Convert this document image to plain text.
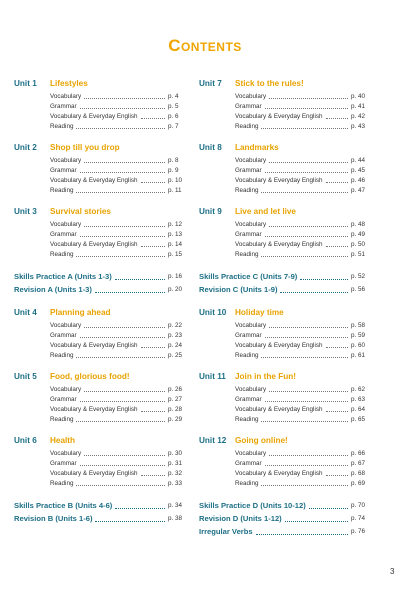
Contents
Unit 1	Lifestyles
Vocabulary	p. 4
Grammar	p. 5
Vocabulary & Everyday English	p. 6
Reading	p. 7
Unit 2	Shop till you drop
Vocabulary	p. 8
Grammar	p. 9
Vocabulary & Everyday English	p. 10
Reading	p. 11
Unit 3	Survival stories
Vocabulary	p. 12
Grammar	p. 13
Vocabulary & Everyday English	p. 14
Reading	p. 15
Skills Practice A (Units 1-3)	p. 16
Revision A (Units 1-3)	p. 20
Unit 4	Planning ahead
Vocabulary	p. 22
Grammar	p. 23
Vocabulary & Everyday English	p. 24
Reading	p. 25
Unit 5	Food, glorious food!
Vocabulary	p. 26
Grammar	p. 27
Vocabulary & Everyday English	p. 28
Reading	p. 29
Unit 6	Health
Vocabulary	p. 30
Grammar	p. 31
Vocabulary & Everyday English	p. 32
Reading	p. 33
Skills Practice B (Units 4-6)	p. 34
Revision B (Units 1-6)	p. 38
Unit 7	Stick to the rules!
Vocabulary	p. 40
Grammar	p. 41
Vocabulary & Everyday English	p. 42
Reading	p. 43
Unit 8	Landmarks
Vocabulary	p. 44
Grammar	p. 45
Vocabulary & Everyday English	p. 46
Reading	p. 47
Unit 9	Live and let live
Vocabulary	p. 48
Grammar	p. 49
Vocabulary & Everyday English	p. 50
Reading	p. 51
Skills Practice C (Units 7-9)	p. 52
Revision C (Units 1-9)	p. 56
Unit 10	Holiday time
Vocabulary	p. 58
Grammar	p. 59
Vocabulary & Everyday English	p. 60
Reading	p. 61
Unit 11	Join in the Fun!
Vocabulary	p. 62
Grammar	p. 63
Vocabulary & Everyday English	p. 64
Reading	p. 65
Unit 12	Going online!
Vocabulary	p. 66
Grammar	p. 67
Vocabulary & Everyday English	p. 68
Reading	p. 69
Skills Practice D (Units 10-12)	p. 70
Revision D (Units 1-12)	p. 74
Irregular Verbs	p. 76
3
